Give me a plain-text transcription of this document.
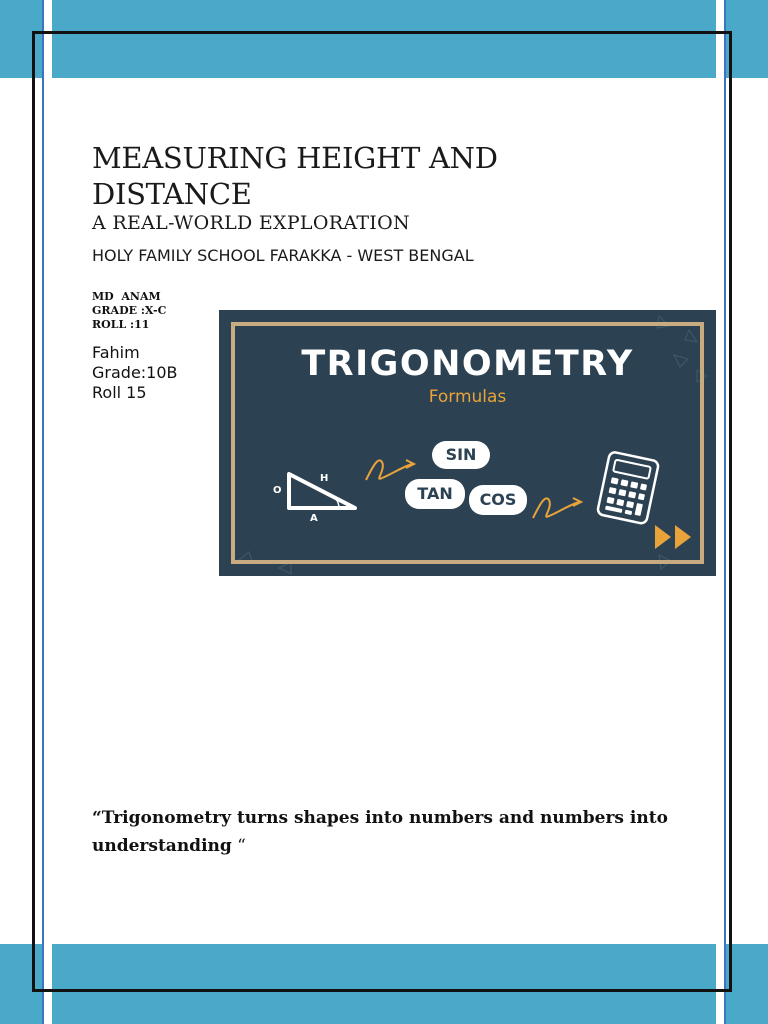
MEASURING HEIGHT AND DISTANCE
A REAL-WORLD EXPLORATION
HOLY FAMILY SCHOOL FARAKKA - WEST BENGAL
MD  ANAM
GRADE :X-C
ROLL :11
Fahim
Grade:10B
Roll 15
TRIGONOMETRY
Formulas
O
H
θ
A
SIN
TAN	COS
“Trigonometry turns shapes into numbers and numbers into understanding “
